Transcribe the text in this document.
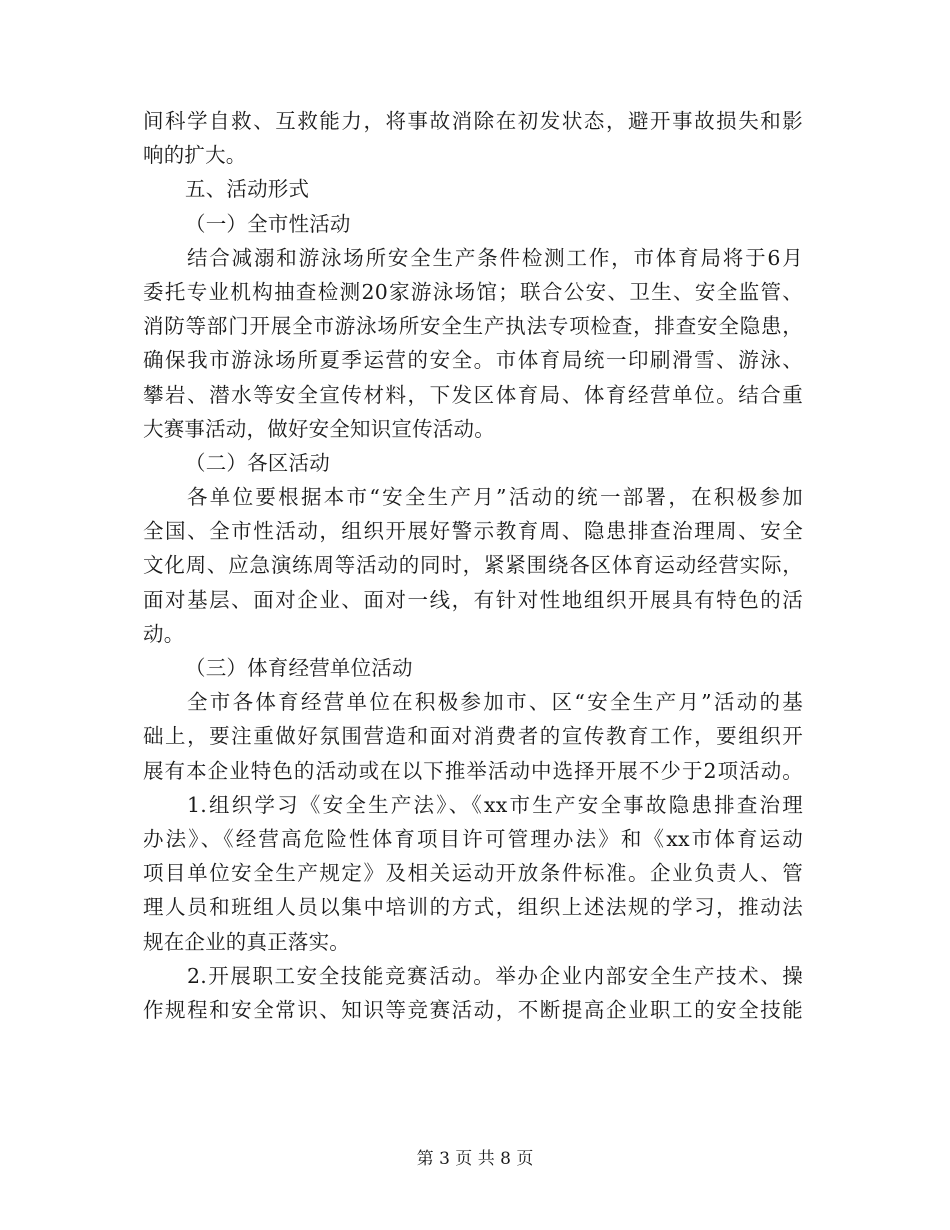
间科学自救、互救能力，将事故消除在初发状态，避开事故损失和影
响的扩大。
五、活动形式
（一）全市性活动
结合减溺和游泳场所安全生产条件检测工作，市体育局将于6月
委托专业机构抽查检测20家游泳场馆；联合公安、卫生、安全监管、
消防等部门开展全市游泳场所安全生产执法专项检查，排查安全隐患，
确保我市游泳场所夏季运营的安全。市体育局统一印刷滑雪、游泳、
攀岩、潜水等安全宣传材料，下发区体育局、体育经营单位。结合重
大赛事活动，做好安全知识宣传活动。
（二）各区活动
各单位要根据本市“安全生产月”活动的统一部署，在积极参加
全国、全市性活动，组织开展好警示教育周、隐患排查治理周、安全
文化周、应急演练周等活动的同时，紧紧围绕各区体育运动经营实际，
面对基层、面对企业、面对一线，有针对性地组织开展具有特色的活
动。
（三）体育经营单位活动
全市各体育经营单位在积极参加市、区“安全生产月”活动的基
础上，要注重做好氛围营造和面对消费者的宣传教育工作，要组织开
展有本企业特色的活动或在以下推举活动中选择开展不少于2项活动。
1.组织学习《安全生产法》、《xx市生产安全事故隐患排查治理
办法》、《经营高危险性体育项目许可管理办法》和《xx市体育运动
项目单位安全生产规定》及相关运动开放条件标准。企业负责人、管
理人员和班组人员以集中培训的方式，组织上述法规的学习，推动法
规在企业的真正落实。
2.开展职工安全技能竞赛活动。举办企业内部安全生产技术、操
作规程和安全常识、知识等竞赛活动，不断提高企业职工的安全技能
第 3 页 共 8 页
